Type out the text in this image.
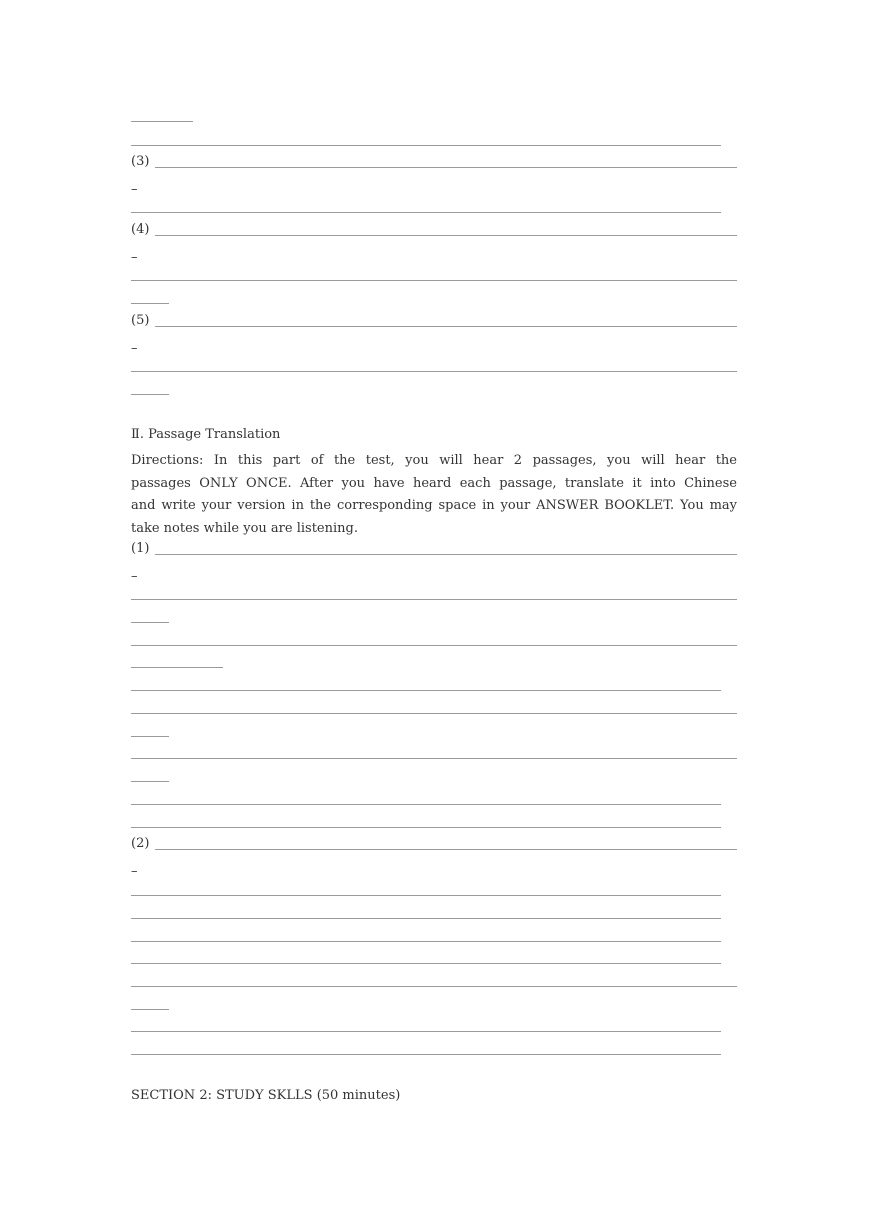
(3)
–
(4)
–
(5)
–
Ⅱ. Passage Translation
Directions: In this part of the test, you will hear 2 passages, you will hear the
passages ONLY ONCE. After you have heard each passage, translate it into Chinese
and write your version in the corresponding space in your ANSWER BOOKLET. You may
take notes while you are listening.
(1)
–
(2)
–
SECTION 2: STUDY SKLLS (50 minutes)
